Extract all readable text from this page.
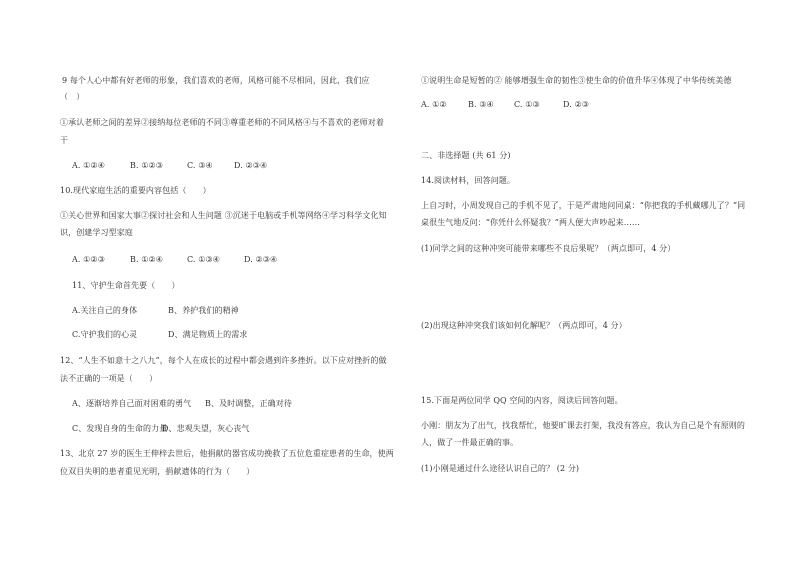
9 每个人心中都有好老师的形象，我们喜欢的老师，风格可能不尽相同，因此，我们应
（　）
①承认老师之间的差异②接纳每位老师的不同③尊重老师的不同风格④与不喜欢的老师对着
干
A. ①②④	B. ①②③	C. ③④	D. ②③④
10.现代家庭生活的重要内容包括（　　）
①关心世界和国家大事②探讨社会和人生问题 ③沉迷于电脑或手机等网络④学习科学文化知
识，创建学习型家庭
A. ①②③	B. ①②④	C. ①③④	D. ②③④
11、守护生命首先要（　　）
A.关注自己的身体	B、养护我们的精神
C.守护我们的心灵	D、满足物质上的需求
12、“人生不如意十之八九”，每个人在成长的过程中都会遇到许多挫折。以下应对挫折的做
法不正确的一项是（　　）
A、逐渐培养自己面对困难的勇气 B、及时调整，正确对待
C、发现自身的生命的力量
D、悲观失望，灰心丧气
13、北京 27 岁的医生王伸梓去世后，他捐献的器官成功挽救了五位危重症患者的生命，使两
位双目失明的患者重见光明，捐献遗体的行为（　　）
①说明生命是短暂的② 能够增强生命的韧性③使生命的价值升华④体现了中华传统美德
A. ①②	B. ③④	C. ①③	D. ②③
二、非选择题 (共 61 分)
14.阅读材料，回答问题。
上自习时，小周发现自己的手机不见了，于是严肃地问同桌：“你把我的手机藏哪儿了？”同
桌很生气地反问：“你凭什么怀疑我？”两人便大声吵起来……
(1)同学之间的这种冲突可能带来哪些不良后果呢？（两点即可，4 分）
(2)出现这种冲突我们该如何化解呢？（两点即可，4 分）
15.下面是两位同学 QQ 空间的内容，阅读后回答问题。
小刚：朋友为了出气，找我帮忙，他要旷课去打架，我没有答应，我认为自己是个有原则的
人，做了一件最正确的事。
(1)小刚是通过什么途径认识自己的？ (2 分)
